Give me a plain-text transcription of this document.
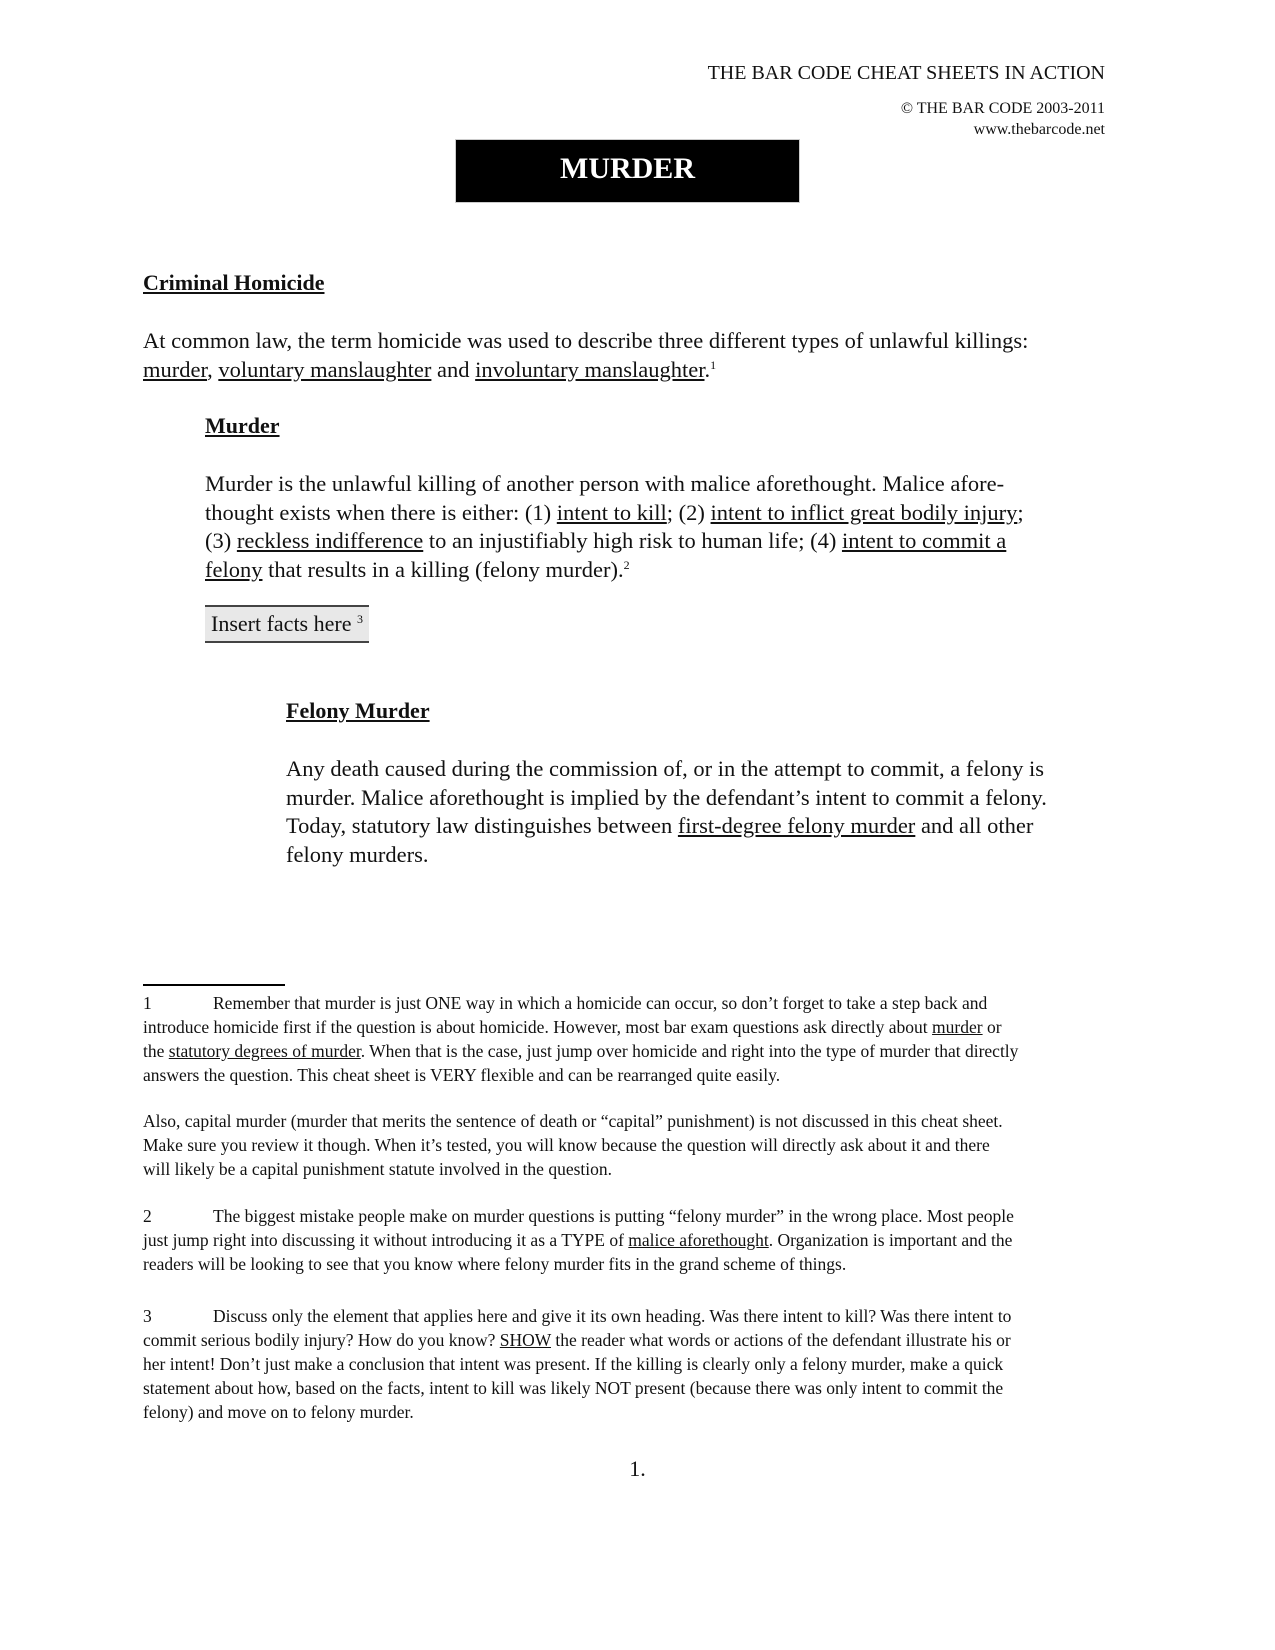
THE BAR CODE CHEAT SHEETS IN ACTION
© THE BAR CODE 2003-2011
www.thebarcode.net
MURDER
Criminal Homicide
At common law, the term homicide was used to describe three different types of unlawful killings:
murder, voluntary manslaughter and involuntary manslaughter.$^1$
Murder
Murder is the unlawful killing of another person with malice aforethought. Malice afore-
thought exists when there is either: (1) intent to kill; (2) intent to inflict great bodily injury;
(3) reckless indifference to an injustifiably high risk to human life; (4) intent to commit a
felony that results in a killing (felony murder).$^2$
Insert facts here $^3$
Felony Murder
Any death caused during the commission of, or in the attempt to commit, a felony is
murder. Malice aforethought is implied by the defendant’s intent to commit a felony.
Today, statutory law distinguishes between first-degree felony murder and all other
felony murders.
1              Remember that murder is just ONE way in which a homicide can occur, so don’t forget to take a step back and
introduce homicide first if the question is about homicide. However, most bar exam questions ask directly about murder or
the statutory degrees of murder. When that is the case, just jump over homicide and right into the type of murder that directly
answers the question. This cheat sheet is VERY flexible and can be rearranged quite easily.
Also, capital murder (murder that merits the sentence of death or “capital” punishment) is not discussed in this cheat sheet.
Make sure you review it though. When it’s tested, you will know because the question will directly ask about it and there
will likely be a capital punishment statute involved in the question.
2              The biggest mistake people make on murder questions is putting “felony murder” in the wrong place. Most people
just jump right into discussing it without introducing it as a TYPE of malice aforethought. Organization is important and the
readers will be looking to see that you know where felony murder fits in the grand scheme of things.
3              Discuss only the element that applies here and give it its own heading. Was there intent to kill? Was there intent to
commit serious bodily injury? How do you know? SHOW the reader what words or actions of the defendant illustrate his or
her intent! Don’t just make a conclusion that intent was present. If the killing is clearly only a felony murder, make a quick
statement about how, based on the facts, intent to kill was likely NOT present (because there was only intent to commit the
felony) and move on to felony murder.
1.
